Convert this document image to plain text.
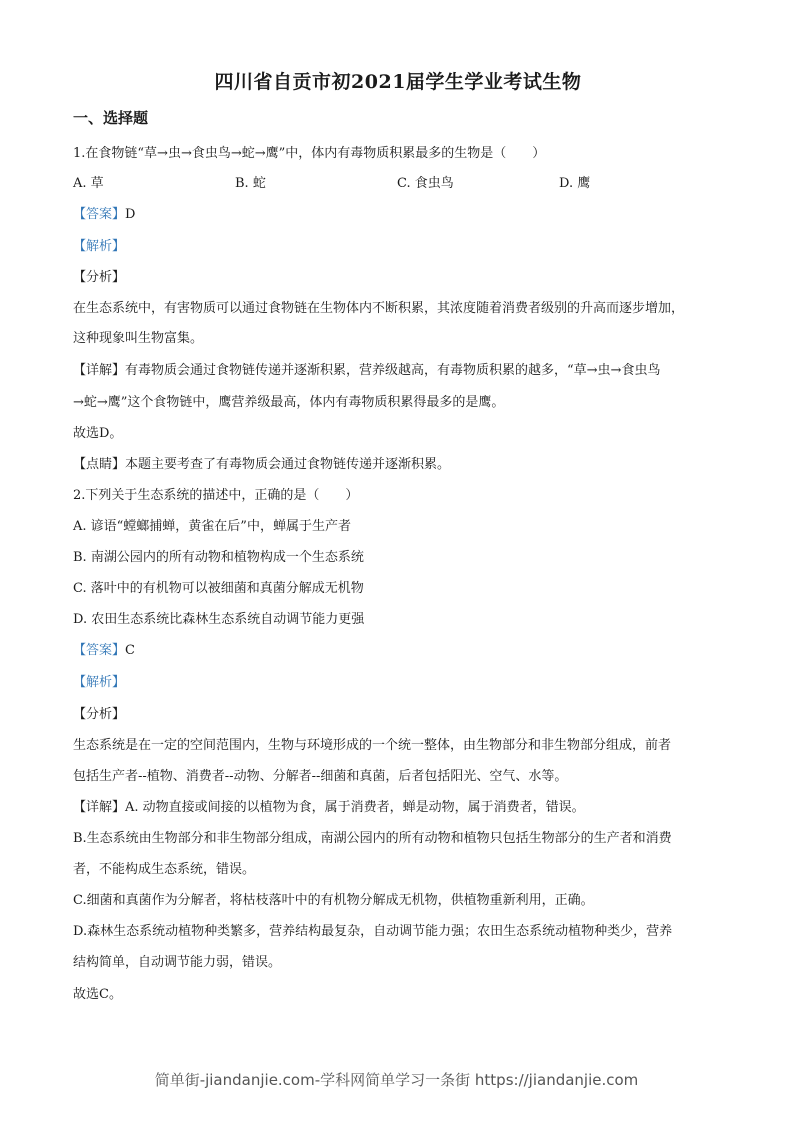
四川省自贡市初2021届学生学业考试生物
一、选择题
1.在食物链“草→虫→食虫鸟→蛇→鹰”中，体内有毒物质积累最多的生物是（　　）
A. 草	B. 蛇	C. 食虫鸟	D. 鹰
【答案】D
【解析】
【分析】
在生态系统中，有害物质可以通过食物链在生物体内不断积累，其浓度随着消费者级别的升高而逐步增加，
这种现象叫生物富集。
【详解】有毒物质会通过食物链传递并逐渐积累，营养级越高，有毒物质积累的越多，“草→虫→食虫鸟
→蛇→鹰”这个食物链中，鹰营养级最高，体内有毒物质积累得最多的是鹰。
故选D。
【点睛】本题主要考查了有毒物质会通过食物链传递并逐渐积累。
2.下列关于生态系统的描述中，正确的是（　　）
A. 谚语“螳螂捕蝉，黄雀在后”中，蝉属于生产者
B. 南湖公园内的所有动物和植物构成一个生态系统
C. 落叶中的有机物可以被细菌和真菌分解成无机物
D. 农田生态系统比森林生态系统自动调节能力更强
【答案】C
【解析】
【分析】
生态系统是在一定的空间范围内，生物与环境形成的一个统一整体，由生物部分和非生物部分组成，前者
包括生产者--植物、消费者--动物、分解者--细菌和真菌，后者包括阳光、空气、水等。
【详解】A. 动物直接或间接的以植物为食，属于消费者，蝉是动物，属于消费者，错误。
B.生态系统由生物部分和非生物部分组成，南湖公园内的所有动物和植物只包括生物部分的生产者和消费
者，不能构成生态系统，错误。
C.细菌和真菌作为分解者，将枯枝落叶中的有机物分解成无机物，供植物重新利用，正确。
D.森林生态系统动植物种类繁多，营养结构最复杂，自动调节能力强；农田生态系统动植物种类少，营养
结构简单，自动调节能力弱，错误。
故选C。
简单街-jiandanjie.com-学科网简单学习一条街 https://jiandanjie.com
